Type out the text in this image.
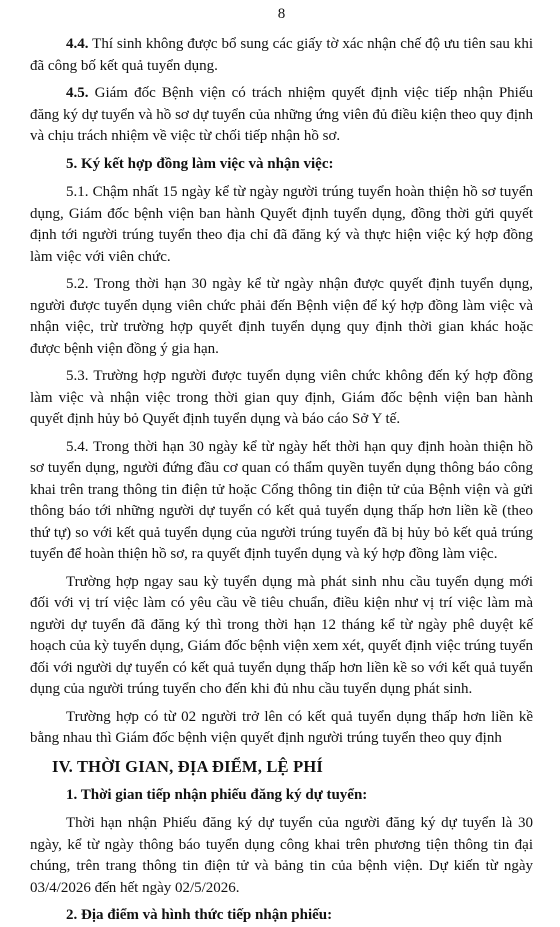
8

4.4. Thí sinh không được bổ sung các giấy tờ xác nhận chế độ ưu tiên sau khi đã công bố kết quả tuyển dụng.

4.5. Giám đốc Bệnh viện có trách nhiệm quyết định việc tiếp nhận Phiếu đăng ký dự tuyển và hồ sơ dự tuyển của những ứng viên đủ điều kiện theo quy định và chịu trách nhiệm về việc từ chối tiếp nhận hồ sơ.

5. Ký kết hợp đồng làm việc và nhận việc:

5.1. Chậm nhất 15 ngày kể từ ngày người trúng tuyển hoàn thiện hồ sơ tuyển dụng, Giám đốc bệnh viện ban hành Quyết định tuyển dụng, đồng thời gửi quyết định tới người trúng tuyển theo địa chỉ đã đăng ký và thực hiện việc ký hợp đồng làm việc với viên chức.

5.2. Trong thời hạn 30 ngày kể từ ngày nhận được quyết định tuyển dụng, người được tuyển dụng viên chức phải đến Bệnh viện để ký hợp đồng làm việc và nhận việc, trừ trường hợp quyết định tuyển dụng quy định thời gian khác hoặc được bệnh viện đồng ý gia hạn.

5.3. Trường hợp người được tuyển dụng viên chức không đến ký hợp đồng làm việc và nhận việc trong thời gian quy định, Giám đốc bệnh viện ban hành quyết định hủy bỏ Quyết định tuyển dụng và báo cáo Sở Y tế.

5.4. Trong thời hạn 30 ngày kể từ ngày hết thời hạn quy định hoàn thiện hồ sơ tuyển dụng, người đứng đầu cơ quan có thẩm quyền tuyển dụng thông báo công khai trên trang thông tin điện tử hoặc Cổng thông tin điện tử của Bệnh viện và gửi thông báo tới những người dự tuyển có kết quả tuyển dụng thấp hơn liền kề (theo thứ tự) so với kết quả tuyển dụng của người trúng tuyển đã bị hủy bỏ kết quả trúng tuyển để hoàn thiện hồ sơ, ra quyết định tuyển dụng và ký hợp đồng làm việc.

Trường hợp ngay sau kỳ tuyển dụng mà phát sinh nhu cầu tuyển dụng mới đối với vị trí việc làm có yêu cầu về tiêu chuẩn, điều kiện như vị trí việc làm mà người dự tuyển đã đăng ký thì trong thời hạn 12 tháng kể từ ngày phê duyệt kế hoạch của kỳ tuyển dụng, Giám đốc bệnh viện xem xét, quyết định việc trúng tuyển đối với người dự tuyển có kết quả tuyển dụng thấp hơn liền kề so với kết quả tuyển dụng của người trúng tuyển cho đến khi đủ nhu cầu tuyển dụng phát sinh.

Trường hợp có từ 02 người trở lên có kết quả tuyển dụng thấp hơn liền kề bằng nhau thì Giám đốc bệnh viện quyết định người trúng tuyển theo quy định

IV. THỜI GIAN, ĐỊA ĐIỂM, LỆ PHÍ

1. Thời gian tiếp nhận phiếu đăng ký dự tuyển:

Thời hạn nhận Phiếu đăng ký dự tuyển của người đăng ký dự tuyển là 30 ngày, kể từ ngày thông báo tuyển dụng công khai trên phương tiện thông tin đại chúng, trên trang thông tin điện tử và bảng tin của bệnh viện. Dự kiến từ ngày 03/4/2026 đến hết ngày 02/5/2026.

2. Địa điểm và hình thức tiếp nhận phiếu:
